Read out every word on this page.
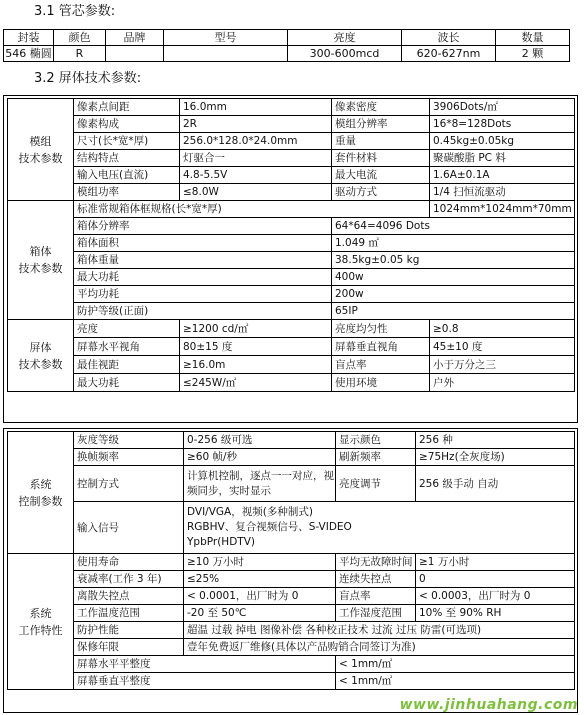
3.1 管芯参数:
封装	颜色	品牌	型号	亮度	波长	数量
546 椭圆	R			300-600mcd	620-627nm	2 颗
3.2 屏体技术参数:
模组
技术参数	像素点间距	16.0mm	像素密度	3906Dots/㎡
	像素构成	2R	模组分辨率	16*8=128Dots
	尺寸(长*宽*厚)	256.0*128.0*24.0mm	重量	0.45kg±0.05kg
	结构特点	灯驱合一	套件材料	聚碳酸脂 PC 料
	输入电压(直流)	4.8-5.5V	最大电流	1.6A±0.1A
	模组功率	≤8.0W	驱动方式	1/4 扫恒流驱动
箱体
技术参数	标准常规箱体框规格(长*宽*厚)			1024mm*1024mm*70mm
	箱体分辨率		64*64=4096 Dots	
	箱体面积		1.049 ㎡	
	箱体重量		38.5kg±0.05 kg	
	最大功耗		400w	
	平均功耗		200w	
	防护等级(正面)		65IP	
屏体
技术参数	亮度	≥1200 cd/㎡	亮度均匀性	≥0.8
	屏幕水平视角	80±15 度	屏幕垂直视角	45±10 度
	最佳视距	≥16.0m	盲点率	小于万分之三
	最大功耗	≤245W/㎡	使用环境	户外
系统
控制参数	灰度等级	0-256 级可选	显示颜色	256 种
	换帧频率	≥60 帧/秒	刷新频率	≥75Hz(全灰度场)
	控制方式	计算机控制，逐点一一对应，视频同步，实时显示	亮度调节	256 级手动 自动
	输入信号	DVI/VGA，视频(多种制式)
RGBHV、复合视频信号、S-VIDEO
YpbPr(HDTV)		

系统
工作特性	使用寿命	≥10 万小时	平均无故障时间	≥1 万小时
	衰减率(工作 3 年)	≤25%	连续失控点	0
	离散失控点	< 0.0001，出厂时为 0	盲点率	< 0.0003，出厂时为 0
	工作温度范围	-20 至 50℃	工作湿度范围	10% 至 90% RH
	防护性能	超温 过载 掉电 图像补偿 各种校正技术 过流 过压 防雷(可选项)		
	保修年限	壹年免费返厂维修(具体以产品购销合同签订为准)		
	屏幕水平平整度		< 1mm/㎡	
	屏幕垂直平整度		< 1mm/㎡	
www.jinhuahang.com
